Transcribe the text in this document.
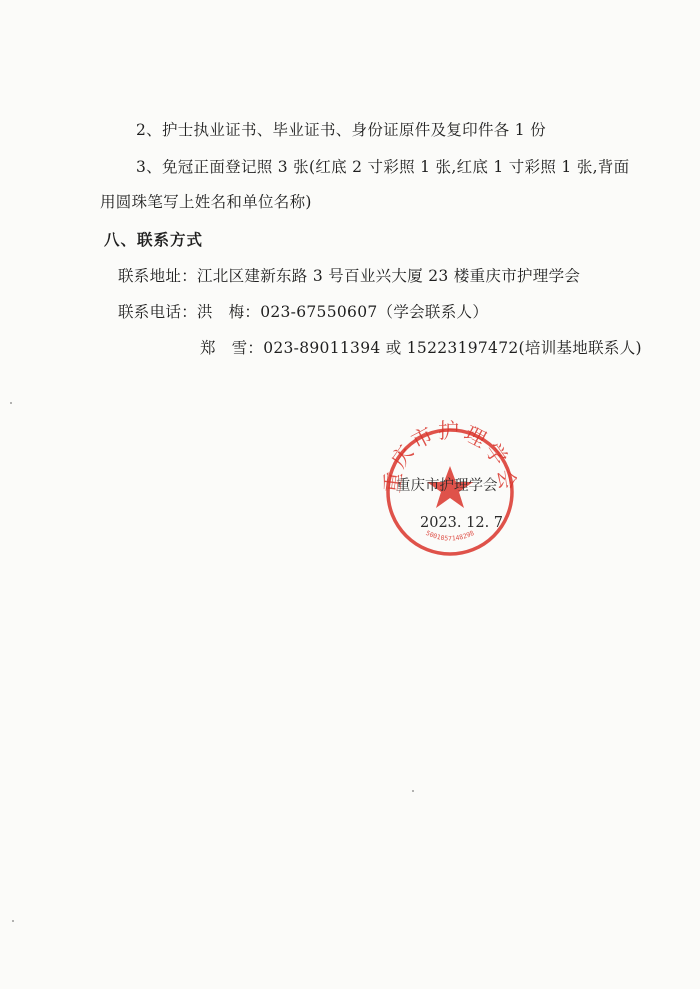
2、护士执业证书、毕业证书、身份证原件及复印件各 1 份
3、免冠正面登记照 3 张(红底 2 寸彩照 1 张,红底 1 寸彩照 1 张,背面
用圆珠笔写上姓名和单位名称)
八、联系方式
联系地址：江北区建新东路 3 号百业兴大厦 23 楼重庆市护理学会
联系电话：洪　梅：023-67550607（学会联系人）
郑　雪：023-89011394 或 15223197472(培训基地联系人)
重庆市护理学会
5001057148298
重庆市护理学会
2023. 12. 7
